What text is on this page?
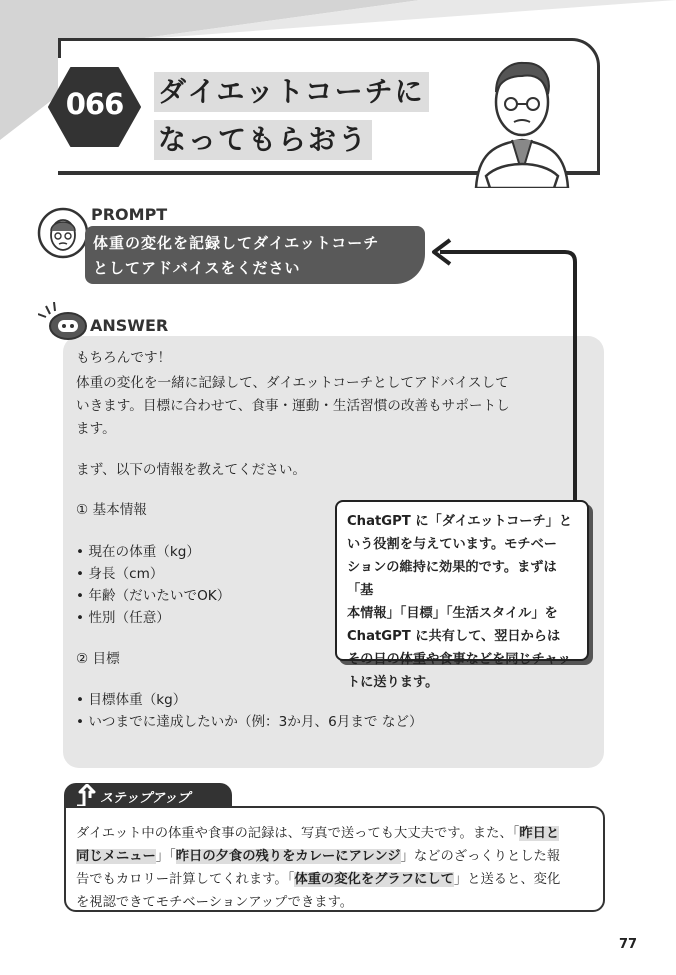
066	ダイエットコーチに
なってもらおう
PROMPT
体重の変化を記録してダイエットコーチ
としてアドバイスをください
ANSWER
もちろんです！
体重の変化を一緒に記録して、ダイエットコーチとしてアドバイスして
いきます。目標に合わせて、食事・運動・生活習慣の改善もサポートし
ます。
まず、以下の情報を教えてください。
① 基本情報
• 現在の体重（kg）
• 身長（cm）
• 年齢（だいたいでOK）
• 性別（任意）
② 目標
• 目標体重（kg）
• いつまでに達成したいか（例：3か月、6月まで など）
ChatGPT に「ダイエットコーチ」と
いう役割を与えています。モチベー
ションの維持に効果的です。まずは「基
本情報」「目標」「生活スタイル」を
ChatGPT に共有して、翌日からは
その日の体重や食事などを同じチャッ
トに送ります。
ステップアップ
ダイエット中の体重や食事の記録は、写真で送っても大丈夫です。また、「昨日と
同じメニュー」「昨日の夕食の残りをカレーにアレンジ」などのざっくりとした報
告でもカロリー計算してくれます。「体重の変化をグラフにして」と送ると、変化
を視認できてモチベーションアップできます。
77
